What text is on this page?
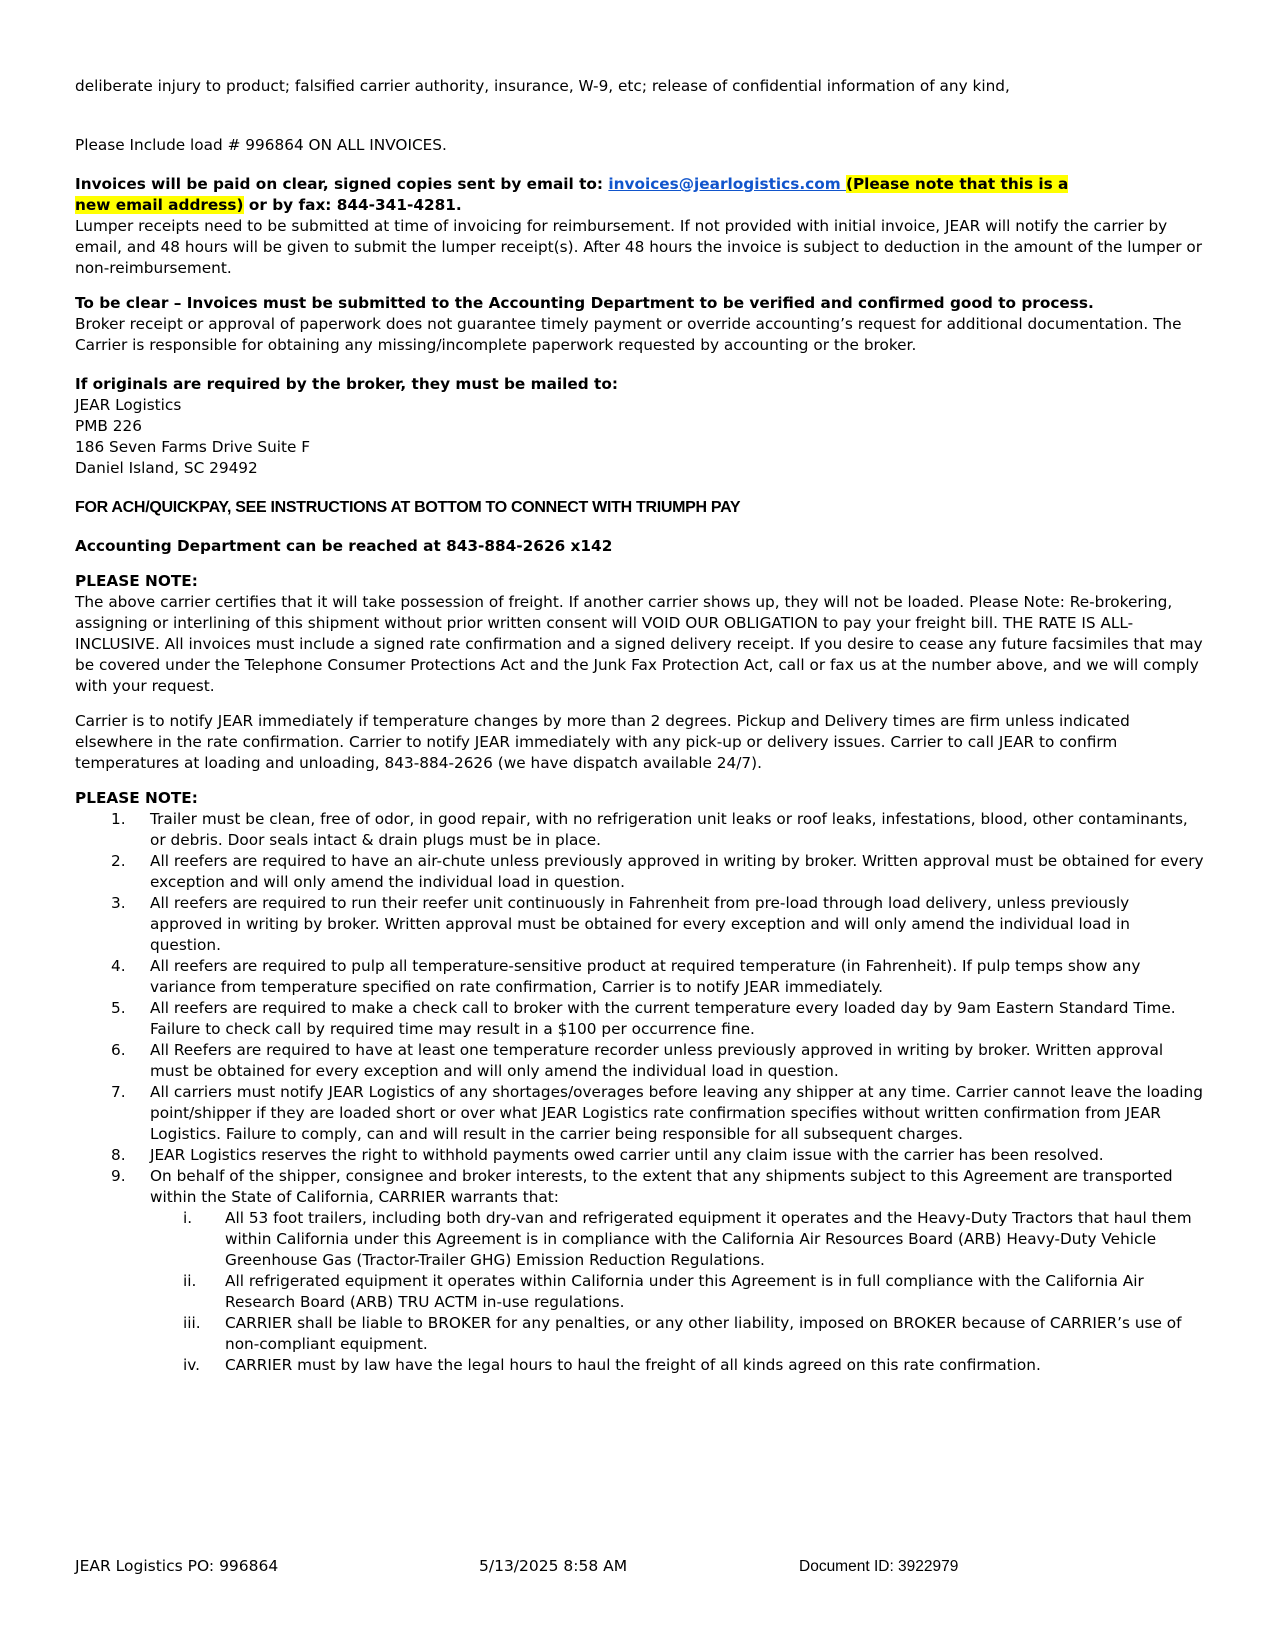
deliberate injury to product; falsified carrier authority, insurance, W-9, etc; release of confidential information of any kind,

Please Include load # 996864 ON ALL INVOICES.

Invoices will be paid on clear, signed copies sent by email to: invoices@jearlogistics.com (Please note that this is a
new email address) or by fax: 844-341-4281.
Lumper receipts need to be submitted at time of invoicing for reimbursement. If not provided with initial invoice, JEAR will notify the carrier by email, and 48 hours will be given to submit the lumper receipt(s). After 48 hours the invoice is subject to deduction in the amount of the lumper or non-reimbursement.

To be clear – Invoices must be submitted to the Accounting Department to be verified and confirmed good to process.
Broker receipt or approval of paperwork does not guarantee timely payment or override accounting’s request for additional documentation. The Carrier is responsible for obtaining any missing/incomplete paperwork requested by accounting or the broker.

If originals are required by the broker, they must be mailed to:

JEAR Logistics

PMB 226

186 Seven Farms Drive Suite F

Daniel Island, SC 29492

FOR ACH/QUICKPAY, SEE INSTRUCTIONS AT BOTTOM TO CONNECT WITH TRIUMPH PAY

Accounting Department can be reached at 843-884-2626 x142

PLEASE NOTE:

The above carrier certifies that it will take possession of freight. If another carrier shows up, they will not be loaded. Please Note: Re-brokering, assigning or interlining of this shipment without prior written consent will VOID OUR OBLIGATION to pay your freight bill. THE RATE IS ALL-INCLUSIVE. All invoices must include a signed rate confirmation and a signed delivery receipt. If you desire to cease any future facsimiles that may be covered under the Telephone Consumer Protections Act and the Junk Fax Protection Act, call or fax us at the number above, and we will comply with your request.

Carrier is to notify JEAR immediately if temperature changes by more than 2 degrees. Pickup and Delivery times are firm unless indicated elsewhere in the rate confirmation. Carrier to notify JEAR immediately with any pick-up or delivery issues. Carrier to call JEAR to confirm temperatures at loading and unloading, 843-884-2626 (we have dispatch available 24/7).

PLEASE NOTE:

1.	Trailer must be clean, free of odor, in good repair, with no refrigeration unit leaks or roof leaks, infestations, blood, other contaminants, or debris. Door seals intact & drain plugs must be in place.
2.	All reefers are required to have an air-chute unless previously approved in writing by broker. Written approval must be obtained for every exception and will only amend the individual load in question.
3.	All reefers are required to run their reefer unit continuously in Fahrenheit from pre-load through load delivery, unless previously approved in writing by broker. Written approval must be obtained for every exception and will only amend the individual load in question.
4.	All reefers are required to pulp all temperature-sensitive product at required temperature (in Fahrenheit). If pulp temps show any variance from temperature specified on rate confirmation, Carrier is to notify JEAR immediately.
5.	All reefers are required to make a check call to broker with the current temperature every loaded day by 9am Eastern Standard Time. Failure to check call by required time may result in a $100 per occurrence fine.
6.	All Reefers are required to have at least one temperature recorder unless previously approved in writing by broker. Written approval must be obtained for every exception and will only amend the individual load in question.
7.	All carriers must notify JEAR Logistics of any shortages/overages before leaving any shipper at any time. Carrier cannot leave the loading point/shipper if they are loaded short or over what JEAR Logistics rate confirmation specifies without written confirmation from JEAR Logistics. Failure to comply, can and will result in the carrier being responsible for all subsequent charges.
8.	JEAR Logistics reserves the right to withhold payments owed carrier until any claim issue with the carrier has been resolved.
9.	On behalf of the shipper, consignee and broker interests, to the extent that any shipments subject to this Agreement are transported within the State of California, CARRIER warrants that:
i.	All 53 foot trailers, including both dry-van and refrigerated equipment it operates and the Heavy-Duty Tractors that haul them within California under this Agreement is in compliance with the California Air Resources Board (ARB) Heavy-Duty Vehicle Greenhouse Gas (Tractor-Trailer GHG) Emission Reduction Regulations.
ii.	All refrigerated equipment it operates within California under this Agreement is in full compliance with the California Air Research Board (ARB) TRU ACTM in-use regulations.
iii.	CARRIER shall be liable to BROKER for any penalties, or any other liability, imposed on BROKER because of CARRIER’s use of non-compliant equipment.
iv.	CARRIER must by law have the legal hours to haul the freight of all kinds agreed on this rate confirmation.
JEAR Logistics PO: 996864	5/13/2025 8:58 AM	Document ID: 3922979
